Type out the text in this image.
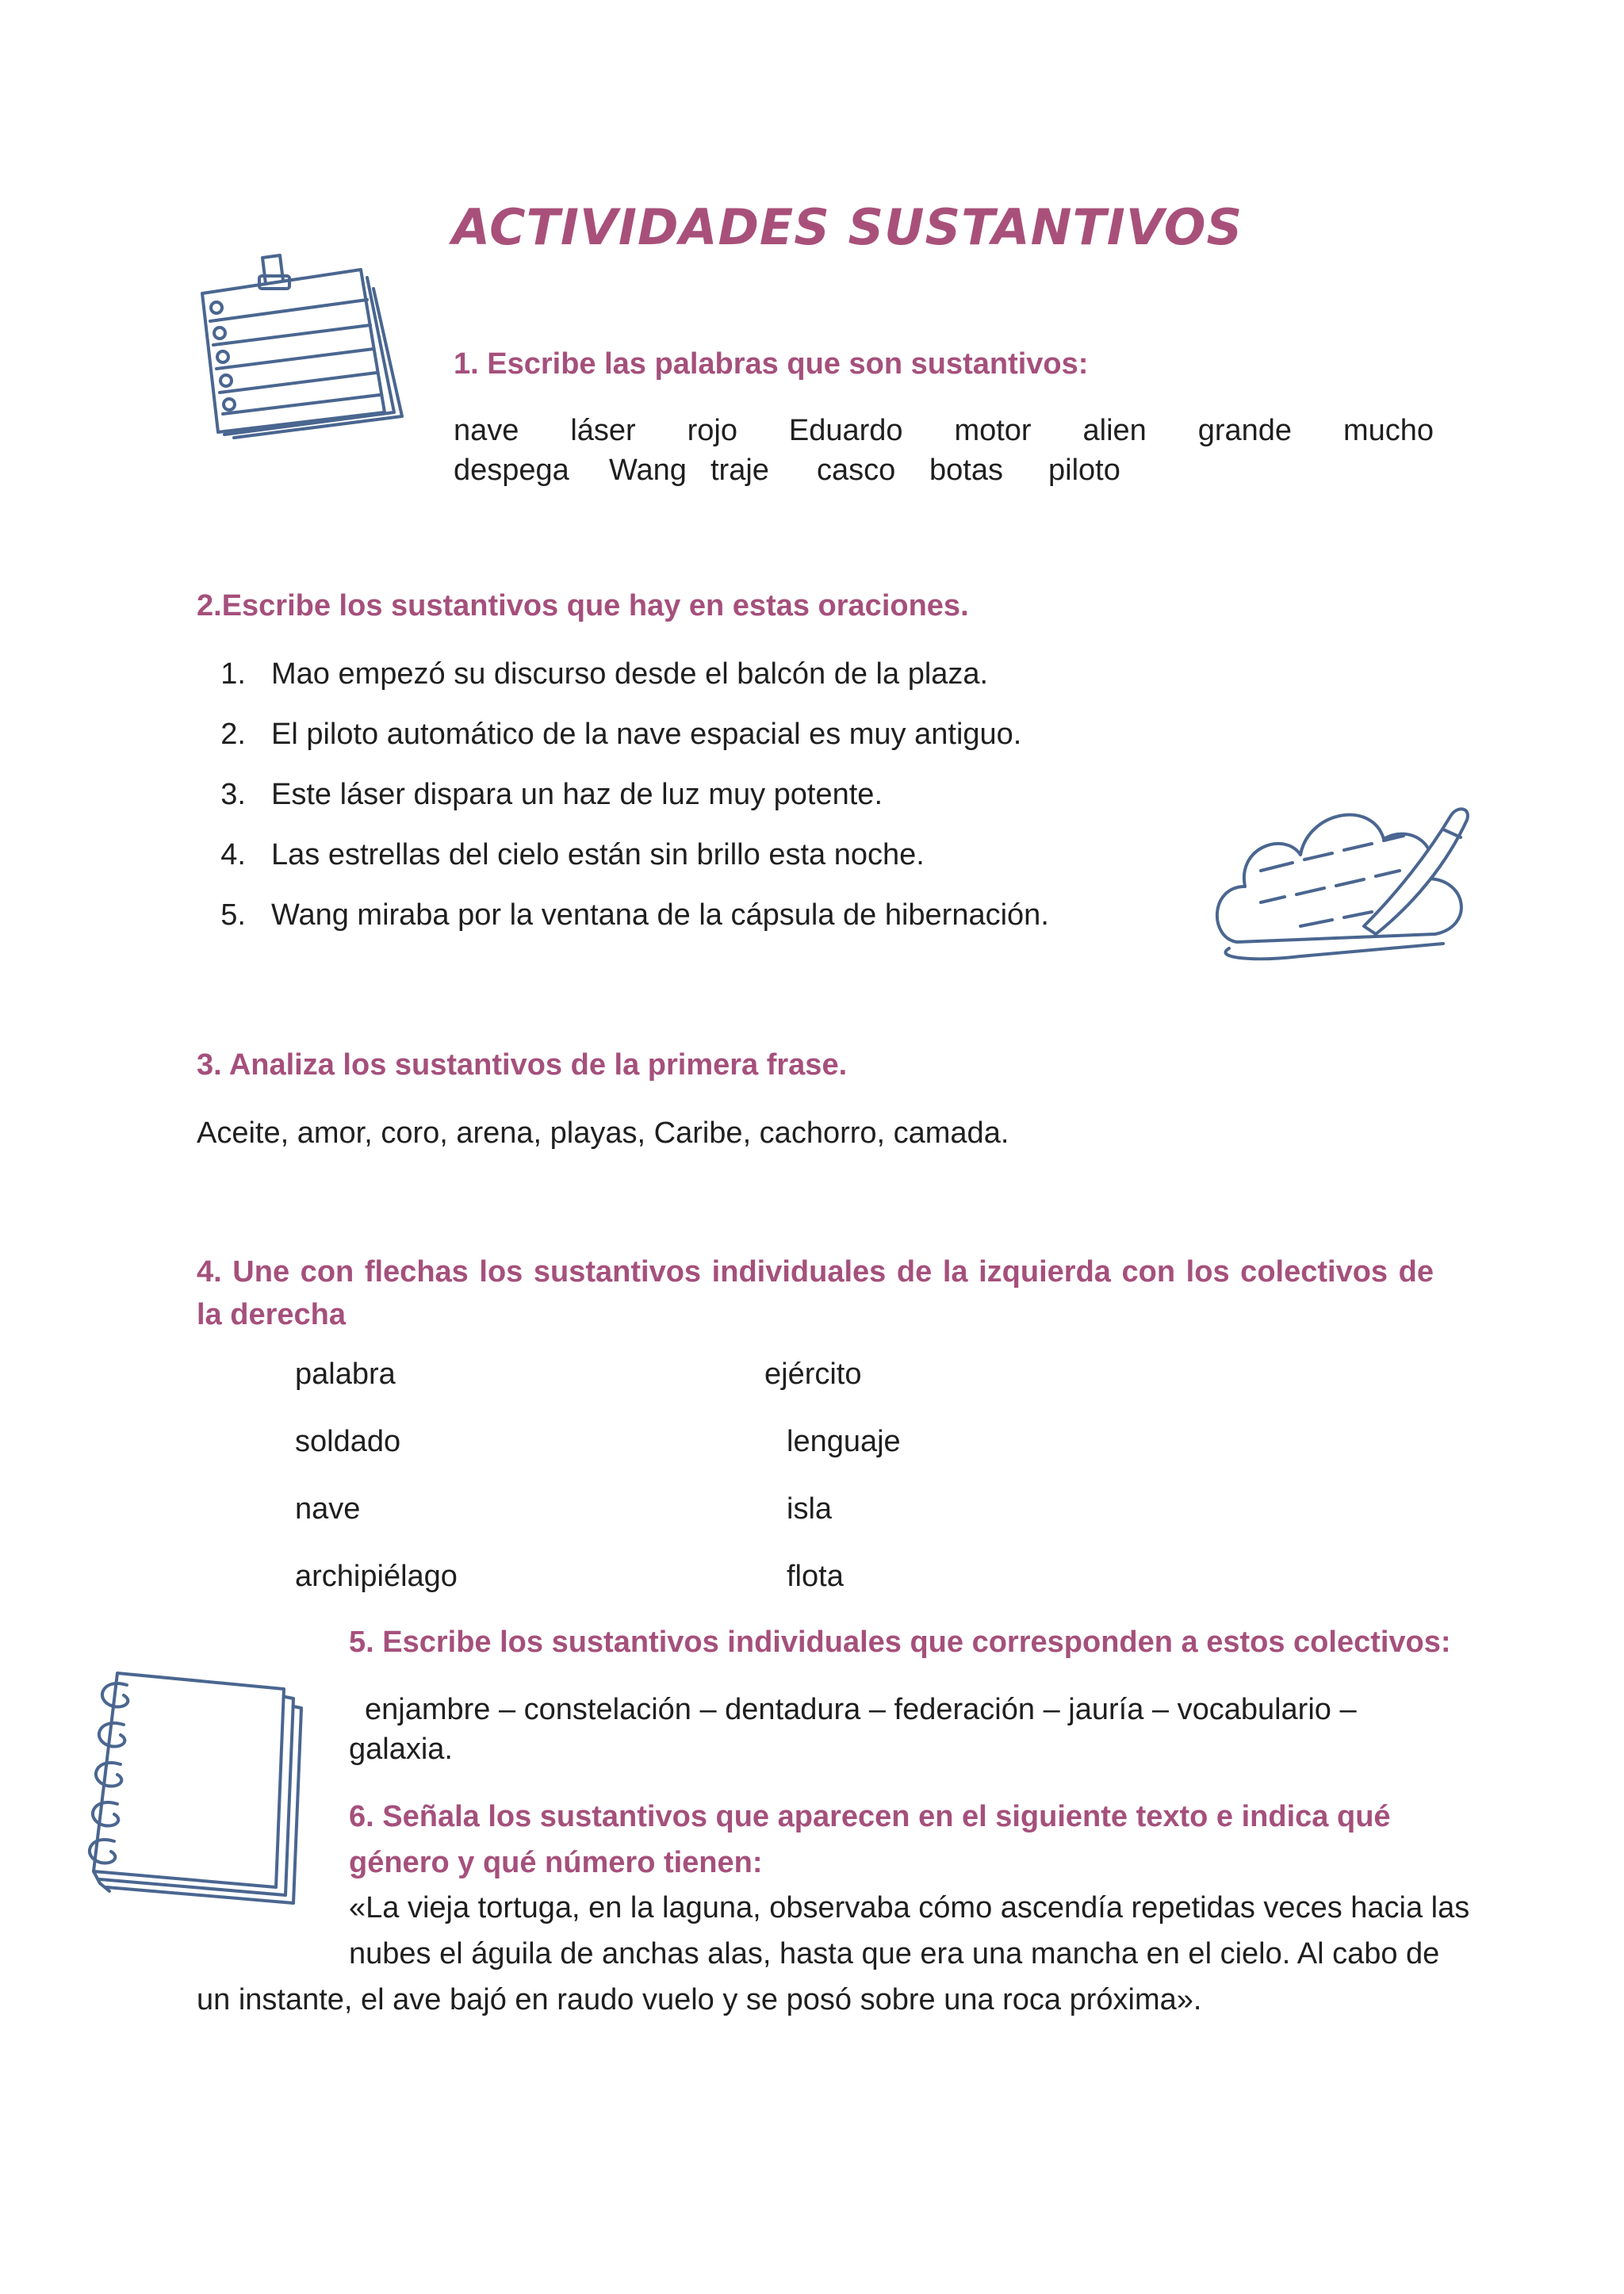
ACTIVIDADES SUSTANTIVOS
1. Escribe las palabras que son sustantivos:
nave láser rojo Eduardo motor alien grande mucho
despega Wang traje casco botas piloto
2.Escribe los sustantivos que hay en estas oraciones.
1. Mao empezó su discurso desde el balcón de la plaza.
2. El piloto automático de la nave espacial es muy antiguo.
3. Este láser dispara un haz de luz muy potente.
4. Las estrellas del cielo están sin brillo esta noche.
5. Wang miraba por la ventana de la cápsula de hibernación.
3. Analiza los sustantivos de la primera frase.
Aceite, amor, coro, arena, playas, Caribe, cachorro, camada.
4. Une con flechas los sustantivos individuales de la izquierda con los colectivos de la derecha
palabra
soldado
nave
archipiélago
ejército
lenguaje
isla
flota
5. Escribe los sustantivos individuales que corresponden a estos colectivos:
enjambre – constelación – dentadura – federación – jauría – vocabulario –
galaxia.
6. Señala los sustantivos que aparecen en el siguiente texto e indica qué
género y qué número tienen:
«La vieja tortuga, en la laguna, observaba cómo ascendía repetidas veces hacia las
nubes el águila de anchas alas, hasta que era una mancha en el cielo. Al cabo de
un instante, el ave bajó en raudo vuelo y se posó sobre una roca próxima».
